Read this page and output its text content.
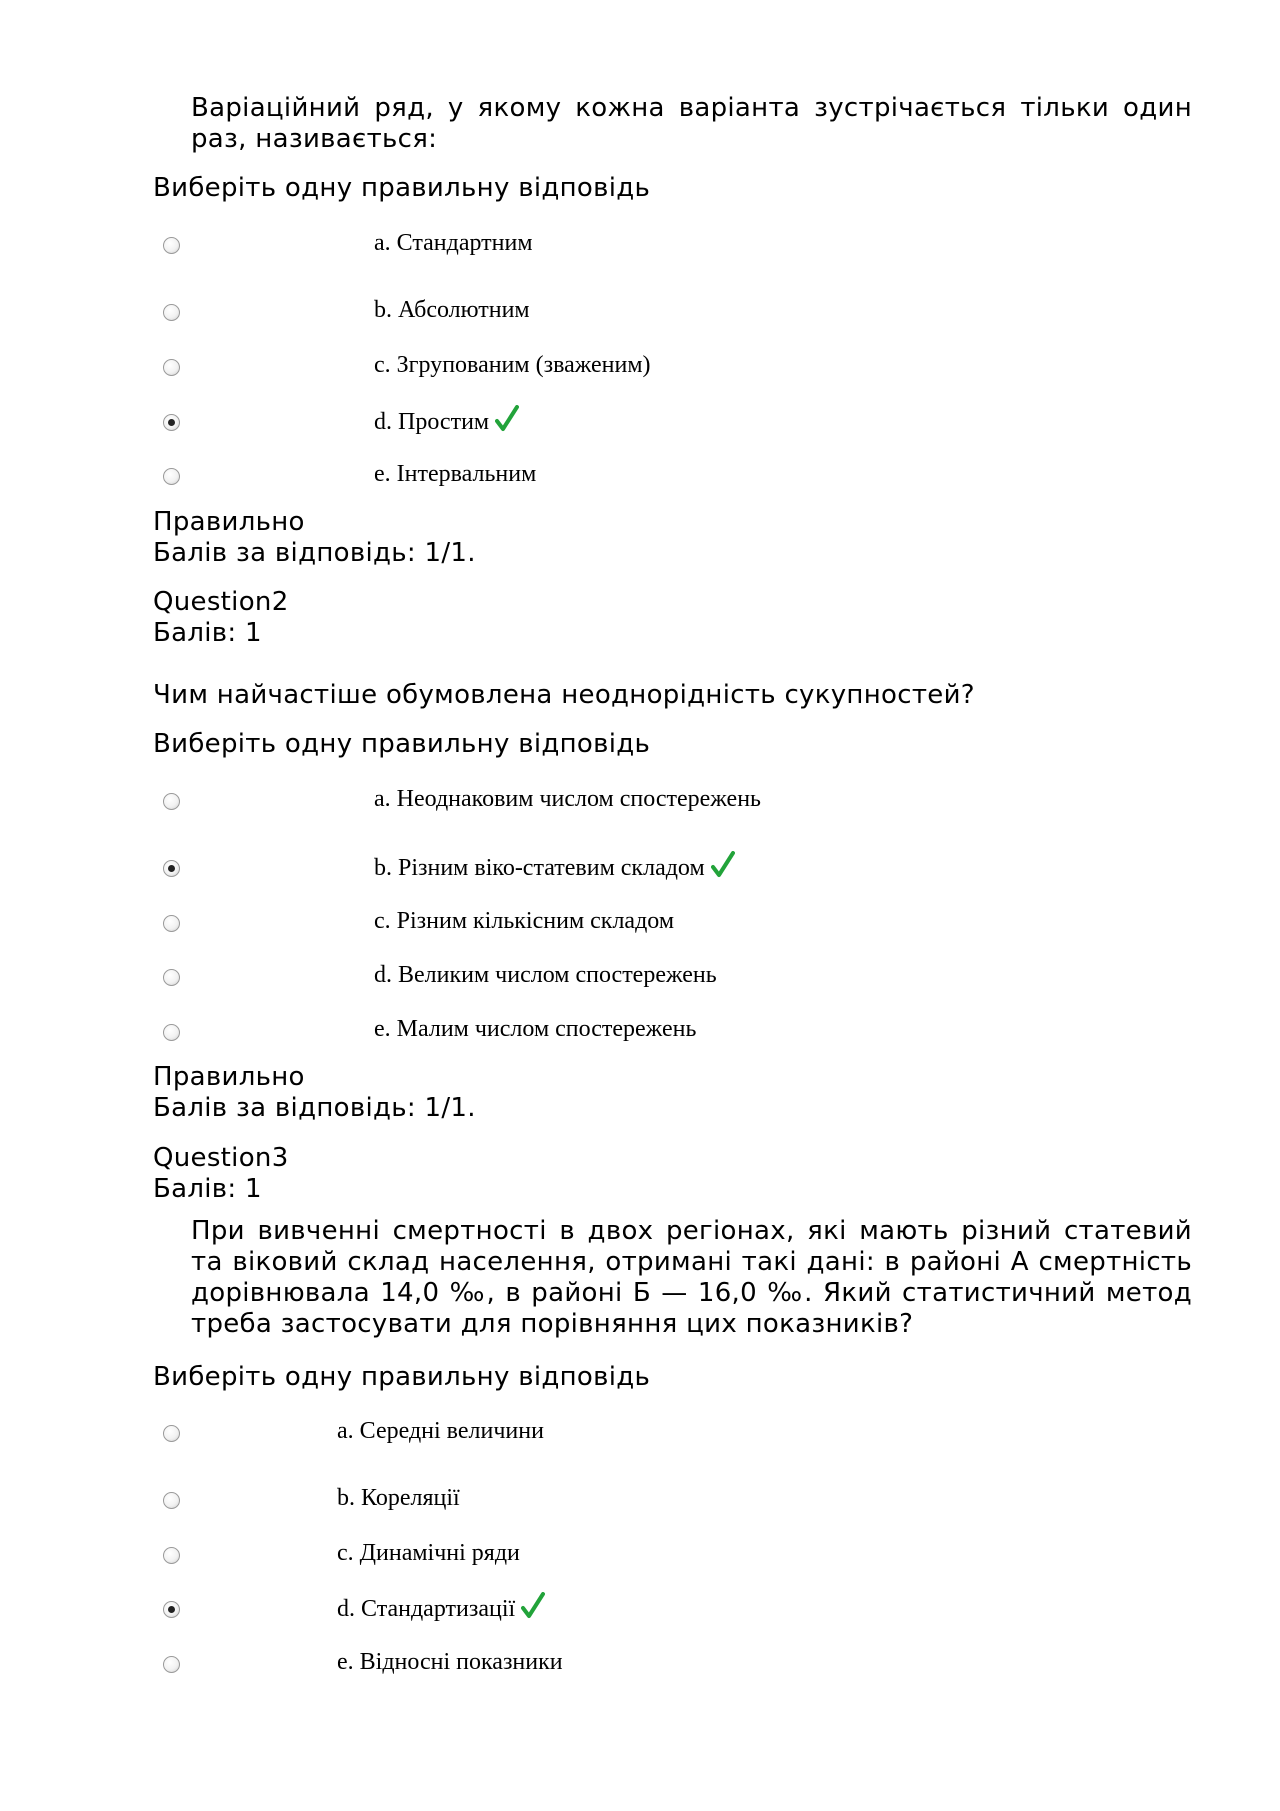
Варіаційний ряд, у якому кожна варіанта зустрічається тільки один раз, називається:
Виберіть одну правильну відповідь
a. Стандартним
b. Абсолютним
c. Згрупованим (зваженим)
d. Простим
e. Інтервальним
Правильно
Балів за відповідь: 1/1.
Question2
Балів: 1
Чим найчастіше обумовлена неоднорідність сукупностей?
Виберіть одну правильну відповідь
a. Неоднаковим числом спостережень
b. Різним віко-статевим складом
c. Різним кількісним складом
d. Великим числом спостережень
e. Малим числом спостережень
Правильно
Балів за відповідь: 1/1.
Question3
Балів: 1
При вивченні смертності в двох регіонах, які мають різний статевий та віковий склад населення, отримані такі дані: в районі А смертність дорівнювала 14,0 ‰, в районі Б — 16,0 ‰. Який статистичний метод треба застосувати для порівняння цих показників?
Виберіть одну правильну відповідь
a. Середні величини
b. Кореляції
c. Динамічні ряди
d. Стандартизації
e. Відносні показники
